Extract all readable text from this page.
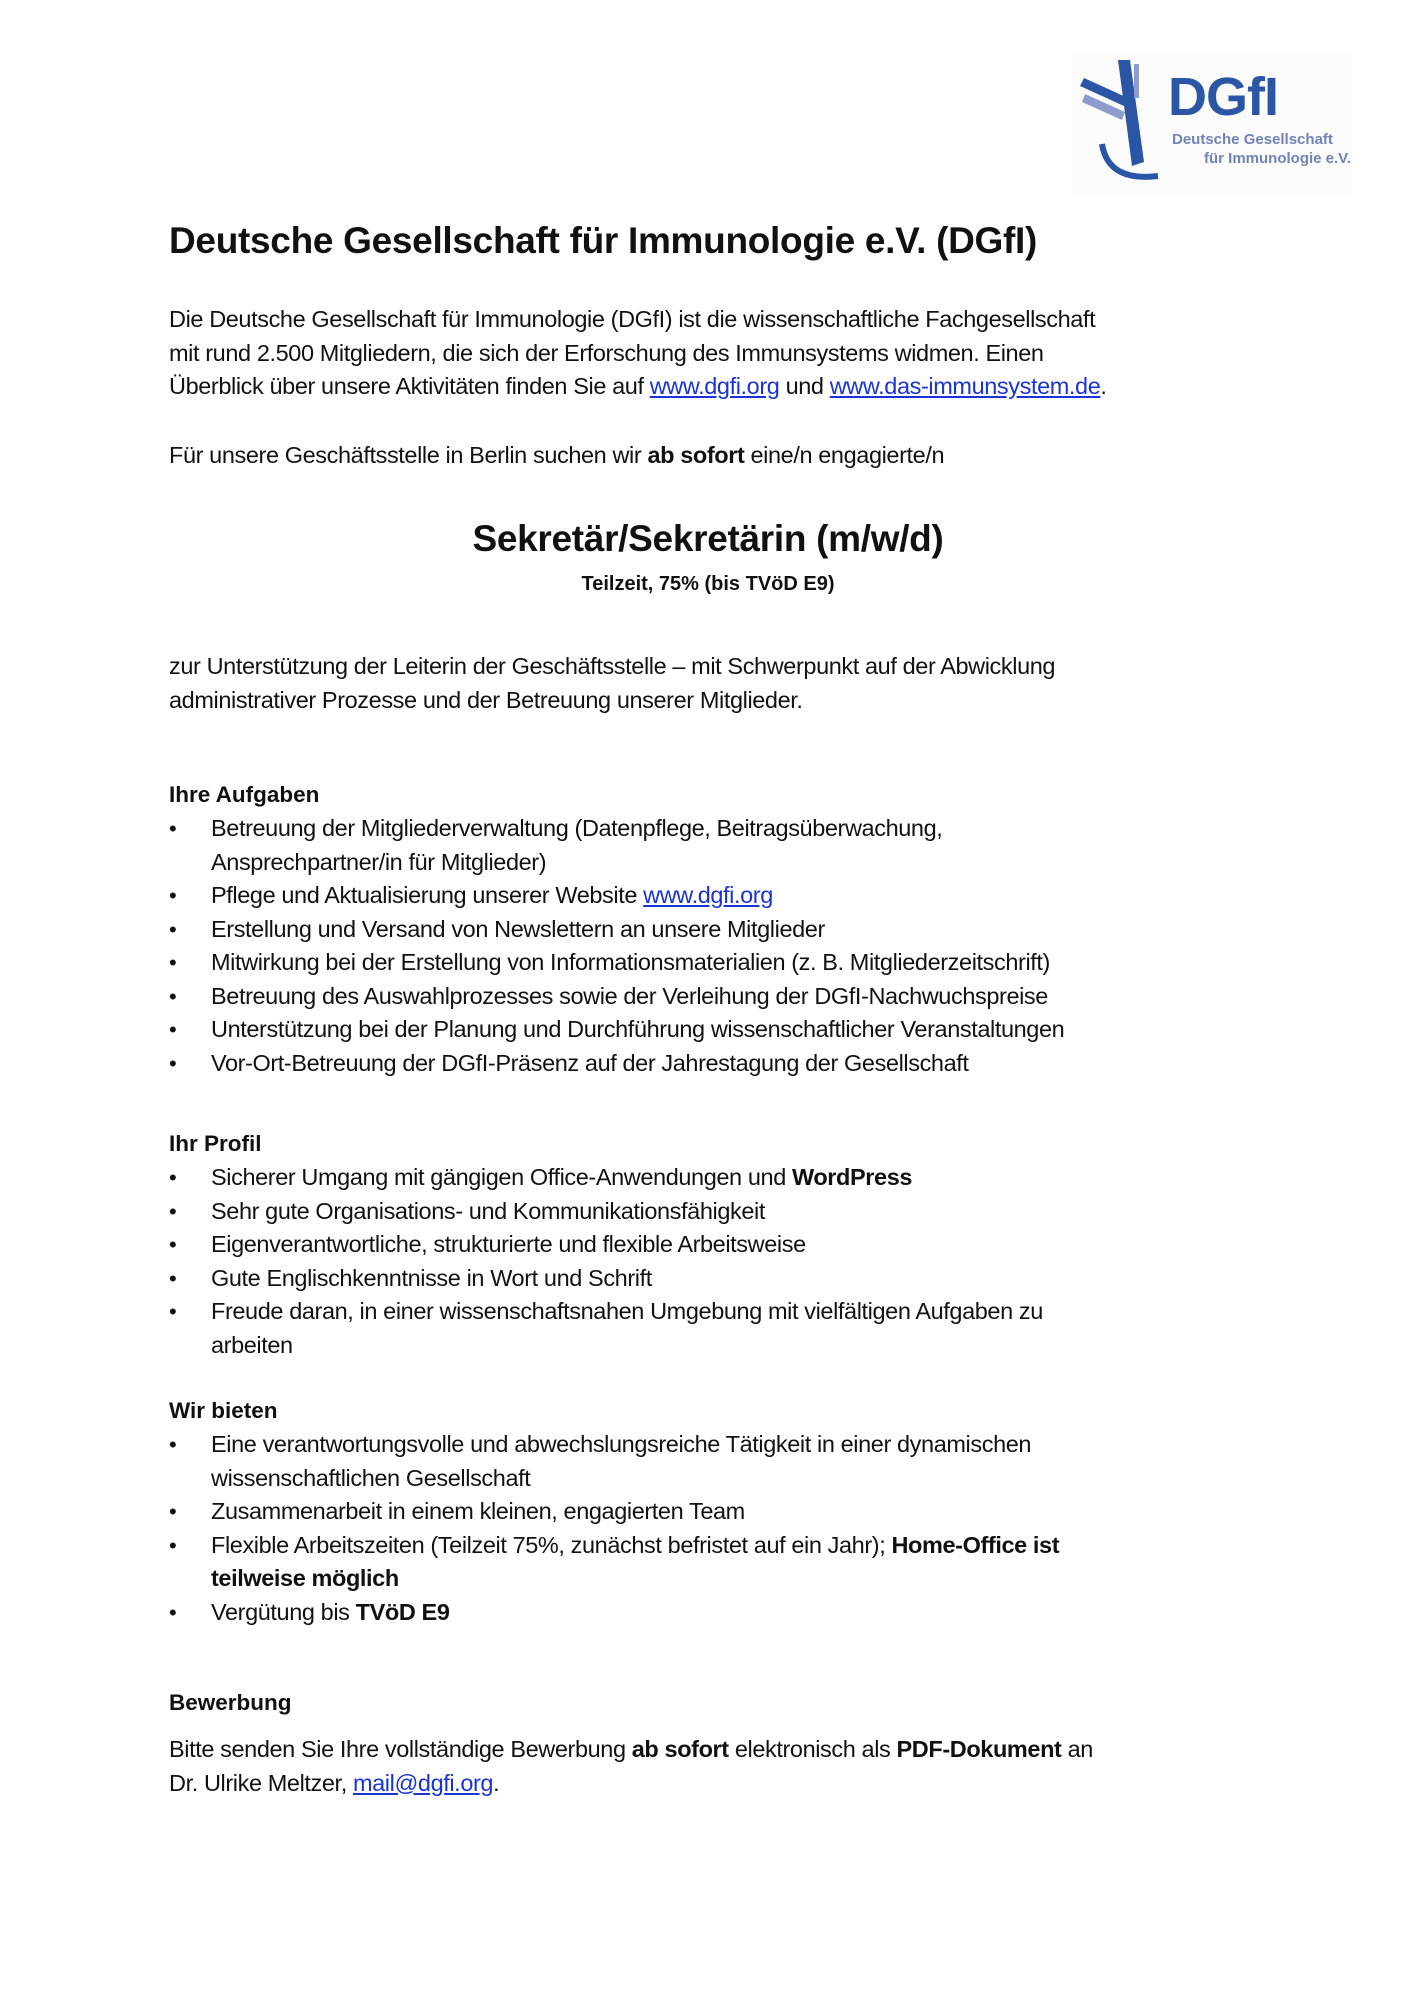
DGfI
Deutsche Gesellschaft
für Immunologie e.V.
Deutsche Gesellschaft für Immunologie e.V. (DGfI)
Die Deutsche Gesellschaft für Immunologie (DGfI) ist die wissenschaftliche Fachgesellschaft
mit rund 2.500 Mitgliedern, die sich der Erforschung des Immunsystems widmen. Einen
Überblick über unsere Aktivitäten finden Sie auf www.dgfi.org und www.das-immunsystem.de.
Für unsere Geschäftsstelle in Berlin suchen wir ab sofort eine/n engagierte/n
Sekretär/Sekretärin (m/w/d)
Teilzeit, 75% (bis TVöD E9)
zur Unterstützung der Leiterin der Geschäftsstelle – mit Schwerpunkt auf der Abwicklung
administrativer Prozesse und der Betreuung unserer Mitglieder.
Ihre Aufgaben
• Betreuung der Mitgliederverwaltung (Datenpflege, Beitragsüberwachung,
Ansprechpartner/in für Mitglieder)
• Pflege und Aktualisierung unserer Website www.dgfi.org
• Erstellung und Versand von Newslettern an unsere Mitglieder
• Mitwirkung bei der Erstellung von Informationsmaterialien (z. B. Mitgliederzeitschrift)
• Betreuung des Auswahlprozesses sowie der Verleihung der DGfI-Nachwuchspreise
• Unterstützung bei der Planung und Durchführung wissenschaftlicher Veranstaltungen
• Vor-Ort-Betreuung der DGfI-Präsenz auf der Jahrestagung der Gesellschaft
Ihr Profil
• Sicherer Umgang mit gängigen Office-Anwendungen und WordPress
• Sehr gute Organisations- und Kommunikationsfähigkeit
• Eigenverantwortliche, strukturierte und flexible Arbeitsweise
• Gute Englischkenntnisse in Wort und Schrift
• Freude daran, in einer wissenschaftsnahen Umgebung mit vielfältigen Aufgaben zu
arbeiten
Wir bieten
• Eine verantwortungsvolle und abwechslungsreiche Tätigkeit in einer dynamischen
wissenschaftlichen Gesellschaft
• Zusammenarbeit in einem kleinen, engagierten Team
• Flexible Arbeitszeiten (Teilzeit 75%, zunächst befristet auf ein Jahr); Home-Office ist
teilweise möglich
• Vergütung bis TVöD E9
Bewerbung
Bitte senden Sie Ihre vollständige Bewerbung ab sofort elektronisch als PDF-Dokument an
Dr. Ulrike Meltzer, mail@dgfi.org.
